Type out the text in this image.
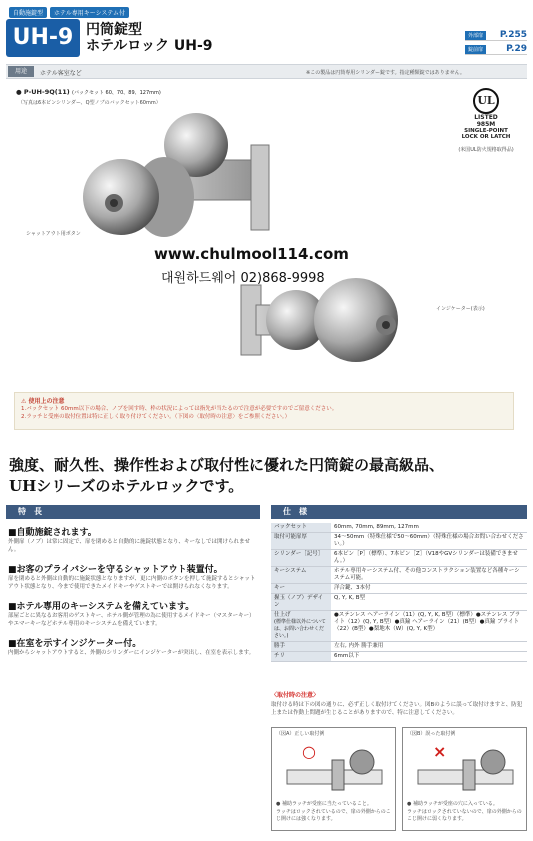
自動施錠型	ホテル専用キーシステム付
UH-9 円筒錠型
ホテルロック UH-9
外部扉	P.255
錠前扉	P.29
用途	ホテル客室など	※この製品は円筒専用シリンダー錠です。指定種類錠ではありません。
● P-UH-9Q(11) (バックセット 60、70、89、127mm)
（写真は6本ピンシリンダー、Q型ノブのバックセット60mm）
シャットアウト用ボタン
インジケーター(表示)
UL
LISTED
985M
SINGLE-POINT
LOCK OR LATCH
(米国UL防火規格取得品)
www.chulmool114.com
대원하드웨어 02)868-9998
⚠ 使用上の注意
1.バックセット 60mm以下の場合、ノブを回す時、枠の状況によっては指先が当たるので注意が必要ですのでご留意ください。
2.ラッチと受座の取付位置は特に正しく取り付けてください。（下図の〈取付時の注意〉をご参照ください。）
強度、耐久性、操作性および取付性に優れた円筒錠の最高級品、
UHシリーズのホテルロックです。
特　長
■自動施錠されます。
外側扉（ノブ）は常に固定で、扉を閉めると自動的に施錠状態となり、キーなしでは開けられません。
■お客のプライバシーを守るシャットアウト装置付。
扉を閉めると外側は自動的に施錠状態となりますが、更に内側のボタンを押して施錠するとシャットアウト状態となり、今まで使用できたメイドキーやゲストキーでは開けられなくなります。
■ホテル専用のキーシステムを備えています。
部屋ごとに異なるお客用のゲストキー、ホテル側が管理の為に使用するメイドキー（マスターキー）やエマーキーなどホテル専用のキーシステムを備えています。
■在室を示すインジケーター付。
内側からシャットアウトすると、外側のシリンダーにインジケーターが突出し、在室を表示します。
仕　様
バックセット	60mm, 70mm, 89mm, 127mm
取付可能扉厚	34～50mm（特殊仕様で50～60mm）（特殊仕様の場合お問い合わせください。）
シリンダー［記号］	6本ピン［P］（標準）、7本ピン［Z］（V18やGVシリンダーは装備できません。）
キーシステム	ホテル専用キーシステム付、その他コンストラクション装置など各種キーシステム可能。
キー	洋合鍵、3本付
握玉（ノブ）デザイン	Q, Y, K, B型

仕上げ
(標準仕様以外については、お問い合わせください。)	●ステンレス ヘアーライン（11）(Q, Y, K, B型）（標準）●ステンレス ブライト（12）(Q, Y, B型）●真鍮 ヘアーライン（21）(B型）●真鍮 ブライト（22）(B型）●梨地木（W）(Q, Y, K型）
勝手	左右, 内外 勝手兼用
チリ	6mm以下
〈取付時の注意〉
取付ける時は下の図の通りに、必ず正しく取付けてください。図Bのように誤って取付けますと、防犯上または作動上問題が生じることがありますので、特に注意してください。
（図A）正しい取付例
○
● 補助ラッチが受座に当たっていること。
ラッチはロックされているので、扉の外側からのこじ開けには強くなります。
（図B）誤った取付例
×
● 補助ラッチが受座の穴に入っている。
ラッチはロックされていないので、扉の外側からのこじ開けに弱くなります。
